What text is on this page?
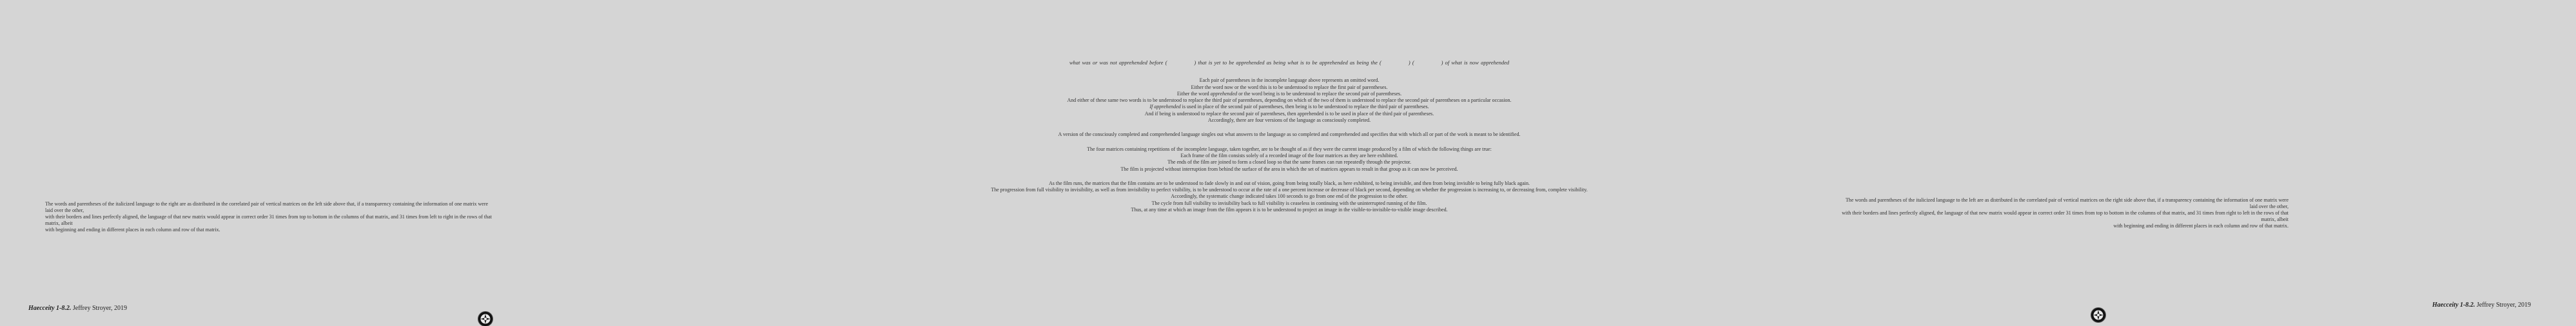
The words and parentheses of the italicized language to the right are as distributed in the correlated pair of vertical matrices on the left side above that, if a transparency containing the information of one matrix were laid over the other,

with their borders and lines perfectly aligned, the language of that new matrix would appear in correct order 31 times from top to bottom in the columns of that matrix, and 31 times from left to right in the rows of that matrix, albeit

with beginning and ending in different places in each column and row of that matrix.

Haecceity 1-8.2. Jeffrey Stroyer, 2019

what was or was not apprehended before (	) that is yet to be apprehended as being what is to be apprehended as being the (	) (	) of what is now apprehended

Each pair of parentheses in the incomplete language above represents an omitted word.

Either the word now or the word this is to be understood to replace the first pair of parentheses.

Either the word apprehended or the word being is to be understood to replace the second pair of parentheses.

And either of these same two words is to be understood to replace the third pair of parentheses, depending on which of the two of them is understood to replace the second pair of parentheses on a particular occasion.

If apprehended is used in place of the second pair of parentheses, then being is to be understood to replace the third pair of parentheses.

And if being is understood to replace the second pair of parentheses, then apprehended is to be used in place of the third pair of parentheses.

Accordingly, there are four versions of the language as consciously completed.

A version of the consciously completed and comprehended language singles out what answers to the language as so completed and comprehended and specifies that with which all or part of the work is meant to be identified.

The four matrices containing repetitions of the incomplete language, taken together, are to be thought of as if they were the current image produced by a film of which the following things are true:

Each frame of the film consists solely of a recorded image of the four matrices as they are here exhibited.

The ends of the film are joined to form a closed loop so that the same frames can run repeatedly through the projector.

The film is projected without interruption from behind the surface of the area in which the set of matrices appears to result in that group as it can now be perceived.

As the film runs, the matrices that the film contains are to be understood to fade slowly in and out of vision, going from being totally black, as here exhibited, to being invisible, and then from being invisible to being fully black again.

The progression from full visibility to invisibility, as well as from invisibility to perfect visibility, is to be understood to occur at the rate of a one percent increase or decrease of black per second, depending on whether the progression is increasing to, or decreasing from, complete visibility.

Accordingly, the systematic change indicated takes 100 seconds to go from one end of the progression to the other.

The cycle from full visibility to invisibility back to full visibility is ceaseless in continuing with the uninterrupted running of the film.

Thus, at any time at which an image from the film appears it is to be understood to project an image in the visible-to-invisible-to-visible image described.

The words and parentheses of the italicized language to the left are as distributed in the correlated pair of vertical matrices on the right side above that, if a transparency containing the information of one matrix were laid over the other,

with their borders and lines perfectly aligned, the language of that new matrix would appear in correct order 31 times from top to bottom in the columns of that matrix, and 31 times from right to left in the rows of that matrix, albeit

with beginning and ending in different places in each column and row of that matrix.

Haecceity 1-8.2. Jeffrey Stroyer, 2019
